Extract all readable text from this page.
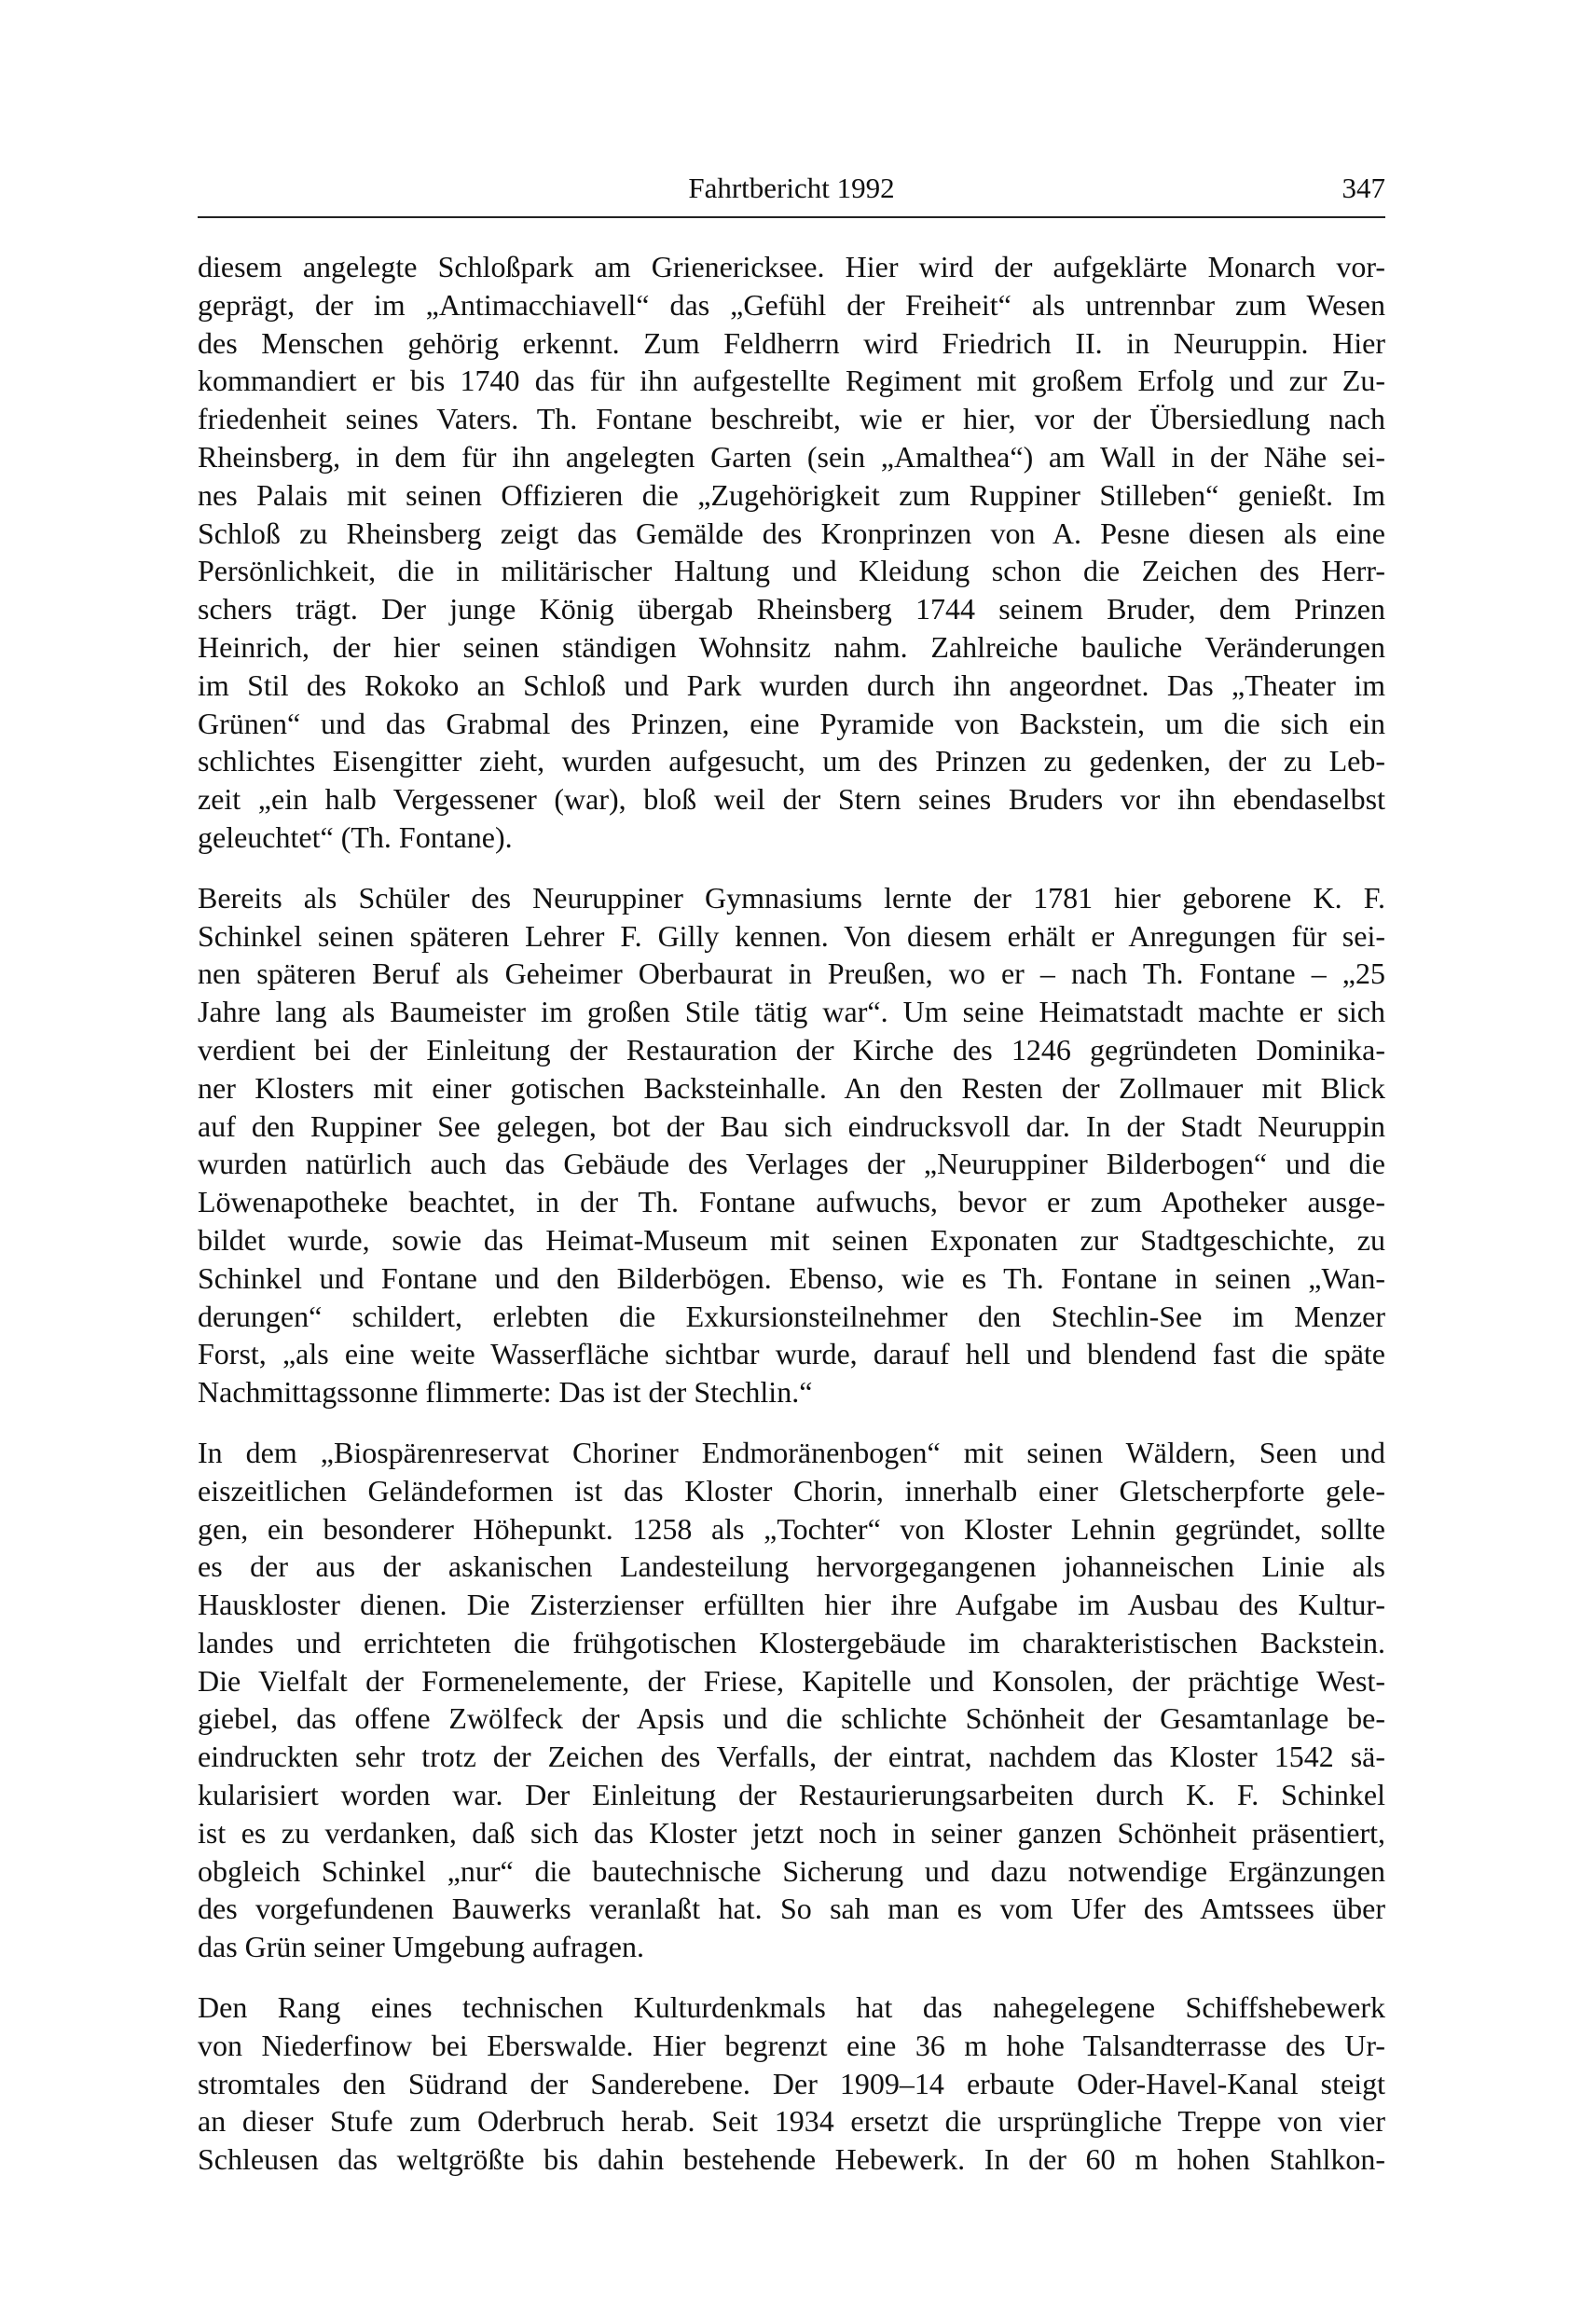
Fahrtbericht 1992	347
diesem angelegte Schloßpark am Grienericksee. Hier wird der aufgeklärte Monarch vor-
geprägt, der im „Antimacchiavell“ das „Gefühl der Freiheit“ als untrennbar zum Wesen
des Menschen gehörig erkennt. Zum Feldherrn wird Friedrich II. in Neuruppin. Hier
kommandiert er bis 1740 das für ihn aufgestellte Regiment mit großem Erfolg und zur Zu-
friedenheit seines Vaters. Th. Fontane beschreibt, wie er hier, vor der Übersiedlung nach
Rheinsberg, in dem für ihn angelegten Garten (sein „Amalthea“) am Wall in der Nähe sei-
nes Palais mit seinen Offizieren die „Zugehörigkeit zum Ruppiner Stilleben“ genießt. Im
Schloß zu Rheinsberg zeigt das Gemälde des Kronprinzen von A. Pesne diesen als eine
Persönlichkeit, die in militärischer Haltung und Kleidung schon die Zeichen des Herr-
schers trägt. Der junge König übergab Rheinsberg 1744 seinem Bruder, dem Prinzen
Heinrich, der hier seinen ständigen Wohnsitz nahm. Zahlreiche bauliche Veränderungen
im Stil des Rokoko an Schloß und Park wurden durch ihn angeordnet. Das „Theater im
Grünen“ und das Grabmal des Prinzen, eine Pyramide von Backstein, um die sich ein
schlichtes Eisengitter zieht, wurden aufgesucht, um des Prinzen zu gedenken, der zu Leb-
zeit „ein halb Vergessener (war), bloß weil der Stern seines Bruders vor ihn ebendaselbst
geleuchtet“ (Th. Fontane).
Bereits als Schüler des Neuruppiner Gymnasiums lernte der 1781 hier geborene K. F.
Schinkel seinen späteren Lehrer F. Gilly kennen. Von diesem erhält er Anregungen für sei-
nen späteren Beruf als Geheimer Oberbaurat in Preußen, wo er – nach Th. Fontane – „25
Jahre lang als Baumeister im großen Stile tätig war“. Um seine Heimatstadt machte er sich
verdient bei der Einleitung der Restauration der Kirche des 1246 gegründeten Dominika-
ner Klosters mit einer gotischen Backsteinhalle. An den Resten der Zollmauer mit Blick
auf den Ruppiner See gelegen, bot der Bau sich eindrucksvoll dar. In der Stadt Neuruppin
wurden natürlich auch das Gebäude des Verlages der „Neuruppiner Bilderbogen“ und die
Löwenapotheke beachtet, in der Th. Fontane aufwuchs, bevor er zum Apotheker ausge-
bildet wurde, sowie das Heimat-Museum mit seinen Exponaten zur Stadtgeschichte, zu
Schinkel und Fontane und den Bilderbögen. Ebenso, wie es Th. Fontane in seinen „Wan-
derungen“ schildert, erlebten die Exkursionsteilnehmer den Stechlin-See im Menzer
Forst, „als eine weite Wasserfläche sichtbar wurde, darauf hell und blendend fast die späte
Nachmittagssonne flimmerte: Das ist der Stechlin.“
In dem „Biospärenreservat Choriner Endmoränenbogen“ mit seinen Wäldern, Seen und
eiszeitlichen Geländeformen ist das Kloster Chorin, innerhalb einer Gletscherpforte gele-
gen, ein besonderer Höhepunkt. 1258 als „Tochter“ von Kloster Lehnin gegründet, sollte
es der aus der askanischen Landesteilung hervorgegangenen johanneischen Linie als
Hauskloster dienen. Die Zisterzienser erfüllten hier ihre Aufgabe im Ausbau des Kultur-
landes und errichteten die frühgotischen Klostergebäude im charakteristischen Backstein.
Die Vielfalt der Formenelemente, der Friese, Kapitelle und Konsolen, der prächtige West-
giebel, das offene Zwölfeck der Apsis und die schlichte Schönheit der Gesamtanlage be-
eindruckten sehr trotz der Zeichen des Verfalls, der eintrat, nachdem das Kloster 1542 sä-
kularisiert worden war. Der Einleitung der Restaurierungsarbeiten durch K. F. Schinkel
ist es zu verdanken, daß sich das Kloster jetzt noch in seiner ganzen Schönheit präsentiert,
obgleich Schinkel „nur“ die bautechnische Sicherung und dazu notwendige Ergänzungen
des vorgefundenen Bauwerks veranlaßt hat. So sah man es vom Ufer des Amtssees über
das Grün seiner Umgebung aufragen.
Den Rang eines technischen Kulturdenkmals hat das nahegelegene Schiffshebewerk
von Niederfinow bei Eberswalde. Hier begrenzt eine 36 m hohe Talsandterrasse des Ur-
stromtales den Südrand der Sanderebene. Der 1909–14 erbaute Oder-Havel-Kanal steigt
an dieser Stufe zum Oderbruch herab. Seit 1934 ersetzt die ursprüngliche Treppe von vier
Schleusen das weltgrößte bis dahin bestehende Hebewerk. In der 60 m hohen Stahlkon-
